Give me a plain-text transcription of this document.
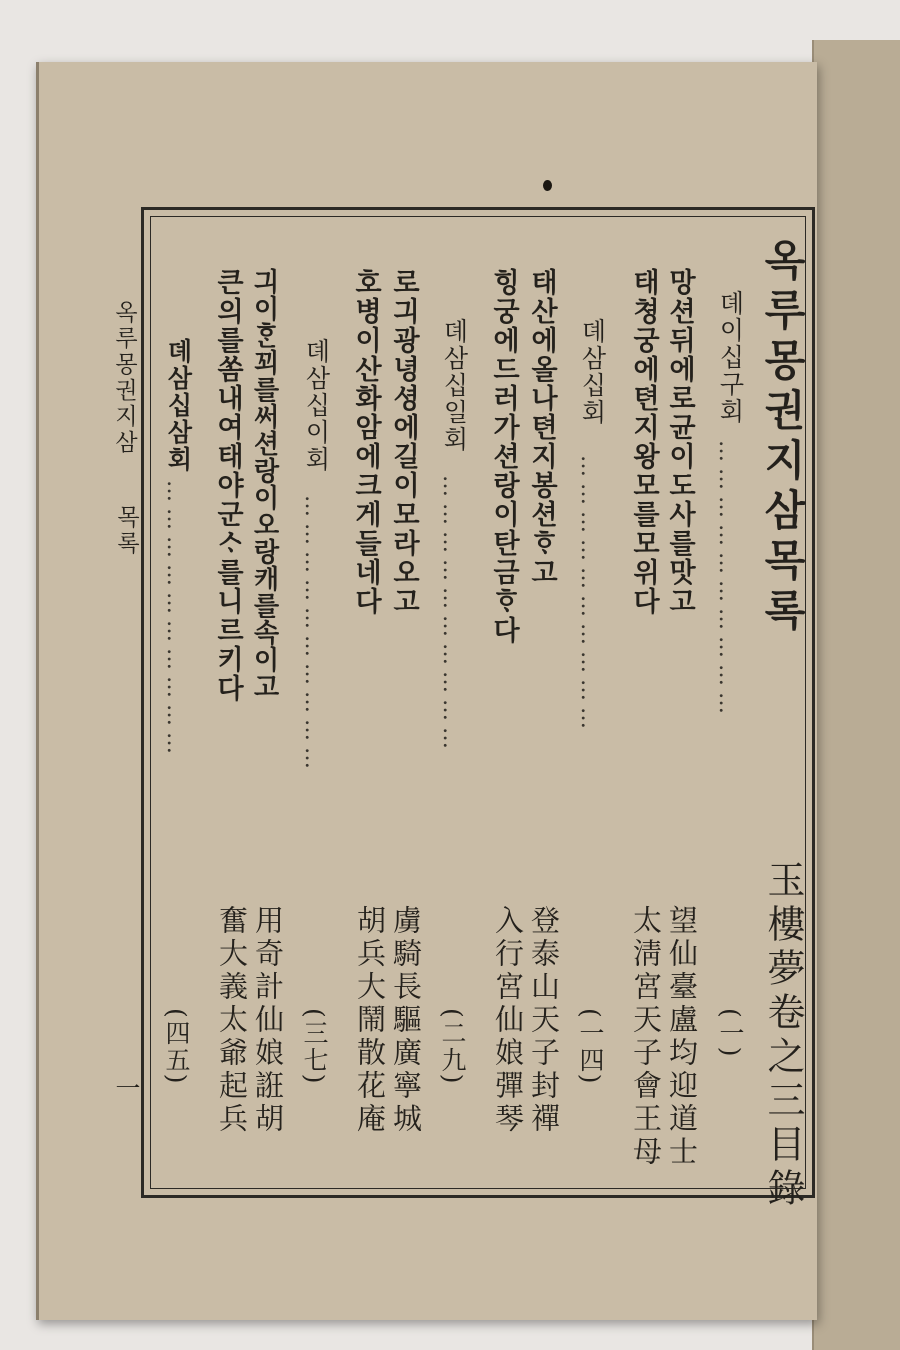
옥루몽권지삼목록
玉樓夢卷之三目錄
뎨이십구회
…………………………
(一)
망션뒤에로균이도사를맛고
태쳥궁에텬지왕모를모위다
望仙臺盧均迎道士
太淸宮天子會王母
뎨삼십회
…………………………
(一四)
태산에올나텬지봉션ᄒᆞ고
힝궁에드러가션랑이탄금ᄒᆞ다
登泰山天子封禪
入行宮仙娘彈琴
뎨삼십일회
…………………………
(二九)
로긔광녕셩에길이모라오고
호병이산화암에크게들네다
虜騎長驅廣寧城
胡兵大鬧散花庵
뎨삼십이회
…………………………
(三七)
긔이ᄒᆞᆫ꾀를써션랑이오랑캐를속이고
큰의를쏨내여태야군ᄉᆞ를니르키다
用奇計仙娘誑胡
奮大義太爺起兵
뎨삼십삼회
…………………………
(四五)
옥루몽권지삼
목록
一
